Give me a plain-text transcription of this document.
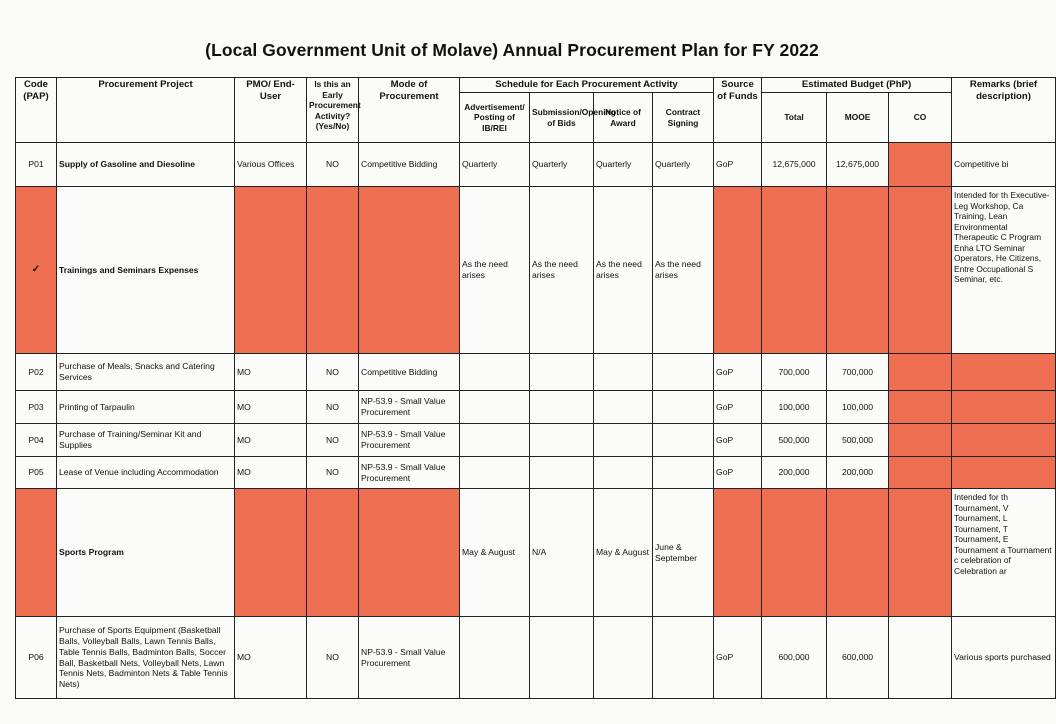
(Local Government Unit of Molave) Annual Procurement Plan for FY 2022
Code (PAP)	Procurement Project	PMO/ End-User	Is this an Early Procurement Activity? (Yes/No)	Mode of Procurement	Schedule for Each Procurement Activity				Source of Funds	Estimated Budget (PhP)			Remarks (brief description)
					Advertisement/ Posting of IB/REI	Submission/Opening of Bids	Notice of Award	Contract Signing		Total	MOOE	CO	
P01	Supply of Gasoline and Diesoline	Various Offices	NO	Competitive Bidding	Quarterly	Quarterly	Quarterly	Quarterly	GoP	12,675,000	12,675,000		Competitive bi
✓	Trainings and Seminars Expenses				As the need arises	As the need arises	As the need arises	As the need arises					Intended for th Executive-Leg Workshop, Ca Training, Lean Environmental Therapeutic C Program Enha LTO Seminar Operators, He Citizens, Entre Occupational S Seminar, etc.
P02	Purchase of Meals, Snacks and Catering Services	MO	NO	Competitive Bidding					GoP	700,000	700,000		
P03	Printing of Tarpaulin	MO	NO	NP-53.9 - Small Value Procurement					GoP	100,000	100,000		
P04	Purchase of Training/Seminar Kit and Supplies	MO	NO	NP-53.9 - Small Value Procurement					GoP	500,000	500,000		
P05	Lease of Venue including Accommodation	MO	NO	NP-53.9 - Small Value Procurement					GoP	200,000	200,000		
	Sports Program				May & August	N/A	May & August	June & September					Intended for th Tournament, V Tournament, L Tournament, T Tournament, E Tournament a Tournament c celebration of Celebration ar
P06	Purchase of Sports Equipment (Basketball Balls, Volleyball Balls, Lawn Tennis Balls, Table Tennis Balls, Badminton Balls, Soccer Ball, Basketball Nets, Volleyball Nets, Lawn Tennis Nets, Badminton Nets & Table Tennis Nets)	MO	NO	NP-53.9 - Small Value Procurement					GoP	600,000	600,000		Various sports purchased
